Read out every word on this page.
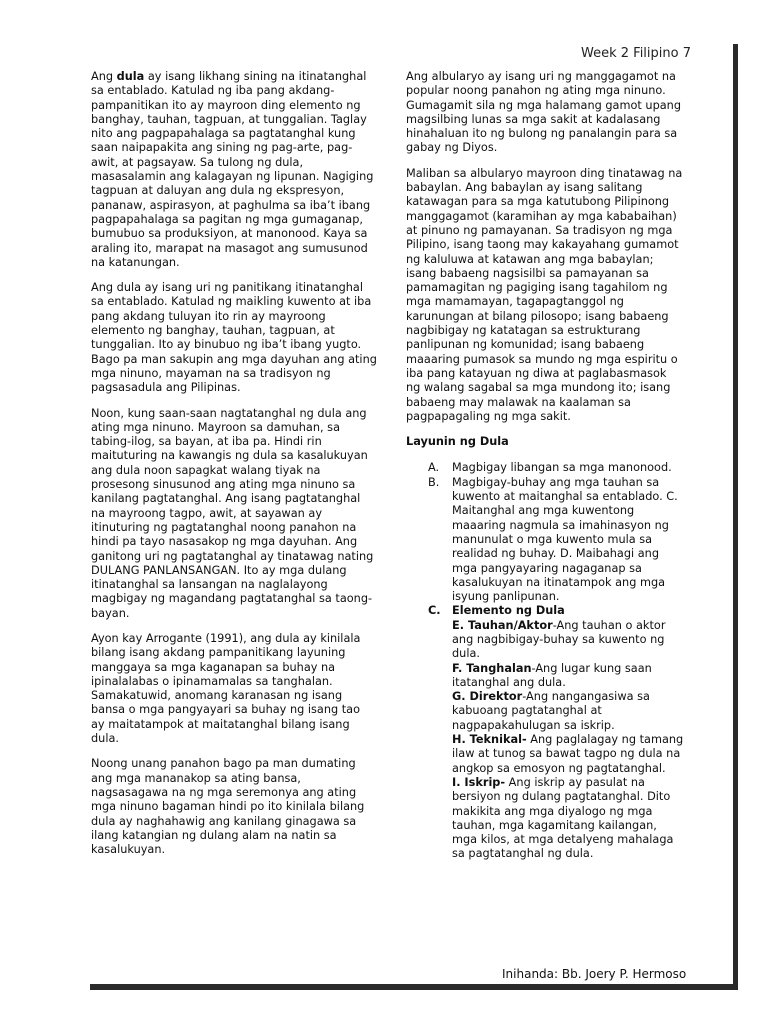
Week 2 Filipino 7

Ang dula ay isang likhang sining na itinatanghal sa entablado. Katulad ng iba pang akdang-pampanitikan ito ay mayroon ding elemento ng banghay, tauhan, tagpuan, at tunggalian. Taglay nito ang pagpapahalaga sa pagtatanghal kung saan naipapakita ang sining ng pag-arte, pag-awit, at pagsayaw. Sa tulong ng dula, masasalamin ang kalagayan ng lipunan. Nagiging tagpuan at daluyan ang dula ng ekspresyon, pananaw, aspirasyon, at paghulma sa iba’t ibang pagpapahalaga sa pagitan ng mga gumaganap, bumubuo sa produksiyon, at manonood. Kaya sa araling ito, marapat na masagot ang sumusunod na katanungan.

Ang dula ay isang uri ng panitikang itinatanghal sa entablado. Katulad ng maikling kuwento at iba pang akdang tuluyan ito rin ay mayroong elemento ng banghay, tauhan, tagpuan, at tunggalian. Ito ay binubuo ng iba’t ibang yugto. Bago pa man sakupin ang mga dayuhan ang ating mga ninuno, mayaman na sa tradisyon ng pagsasadula ang Pilipinas.

Noon, kung saan-saan nagtatanghal ng dula ang ating mga ninuno. Mayroon sa damuhan, sa tabing-ilog, sa bayan, at iba pa. Hindi rin maituturing na kawangis ng dula sa kasalukuyan ang dula noon sapagkat walang tiyak na prosesong sinusunod ang ating mga ninuno sa kanilang pagtatanghal. Ang isang pagtatanghal na mayroong tagpo, awit, at sayawan ay itinuturing ng pagtatanghal noong panahon na hindi pa tayo nasasakop ng mga dayuhan. Ang ganitong uri ng pagtatanghal ay tinatawag nating DULANG PANLANSANGAN. Ito ay mga dulang itinatanghal sa lansangan na naglalayong magbigay ng magandang pagtatanghal sa taong-bayan.

Ayon kay Arrogante (1991), ang dula ay kinilala bilang isang akdang pampanitikang layuning manggaya sa mga kaganapan sa buhay na ipinalalabas o ipinamamalas sa tanghalan. Samakatuwid, anomang karanasan ng isang bansa o mga pangyayari sa buhay ng isang tao ay maitatampok at maitatanghal bilang isang dula.

Noong unang panahon bago pa man dumating ang mga mananakop sa ating bansa, nagsasagawa na ng mga seremonya ang ating mga ninuno bagaman hindi po ito kinilala bilang dula ay naghahawig ang kanilang ginagawa sa ilang katangian ng dulang alam na natin sa kasalukuyan.

Ang albularyo ay isang uri ng manggagamot na popular noong panahon ng ating mga ninuno. Gumagamit sila ng mga halamang gamot upang magsilbing lunas sa mga sakit at kadalasang hinahaluan ito ng bulong ng panalangin para sa gabay ng Diyos.

Maliban sa albularyo mayroon ding tinatawag na babaylan. Ang babaylan ay isang salitang katawagan para sa mga katutubong Pilipinong manggagamot (karamihan ay mga kababaihan) at pinuno ng pamayanan. Sa tradisyon ng mga Pilipino, isang taong may kakayahang gumamot ng kaluluwa at katawan ang mga babaylan; isang babaeng nagsisilbi sa pamayanan sa pamamagitan ng pagiging isang tagahilom ng mga mamamayan, tagapagtanggol ng karunungan at bilang pilosopo; isang babaeng nagbibigay ng katatagan sa estrukturang panlipunan ng komunidad; isang babaeng maaaring pumasok sa mundo ng mga espiritu o iba pang katayuan ng diwa at paglabasmasok ng walang sagabal sa mga mundong ito; isang babaeng may malawak na kaalaman sa pagpapagaling ng mga sakit.

Layunin ng Dula
A.	Magbigay libangan sa mga manonood.
B.	Magbigay-buhay ang mga tauhan sa kuwento at maitanghal sa entablado. C. Maitanghal ang mga kuwentong maaaring nagmula sa imahinasyon ng manunulat o mga kuwento mula sa realidad ng buhay. D. Maibahagi ang mga pangyayaring nagaganap sa kasalukuyan na itinatampok ang mga isyung panlipunan.
C.	Elemento ng Dula
E. Tauhan/Aktor-Ang tauhan o aktor ang nagbibigay-buhay sa kuwento ng dula.
F. Tanghalan-Ang lugar kung saan itatanghal ang dula.
G. Direktor-Ang nangangasiwa sa kabuoang pagtatanghal at nagpapakahulugan sa iskrip.
H. Teknikal- Ang paglalagay ng tamang ilaw at tunog sa bawat tagpo ng dula na angkop sa emosyon ng pagtatanghal.
I. Iskrip- Ang iskrip ay pasulat na bersiyon ng dulang pagtatanghal. Dito makikita ang mga diyalogo ng mga tauhan, mga kagamitang kailangan, mga kilos, at mga detalyeng mahalaga sa pagtatanghal ng dula.
Inihanda: Bb. Joery P. Hermoso
